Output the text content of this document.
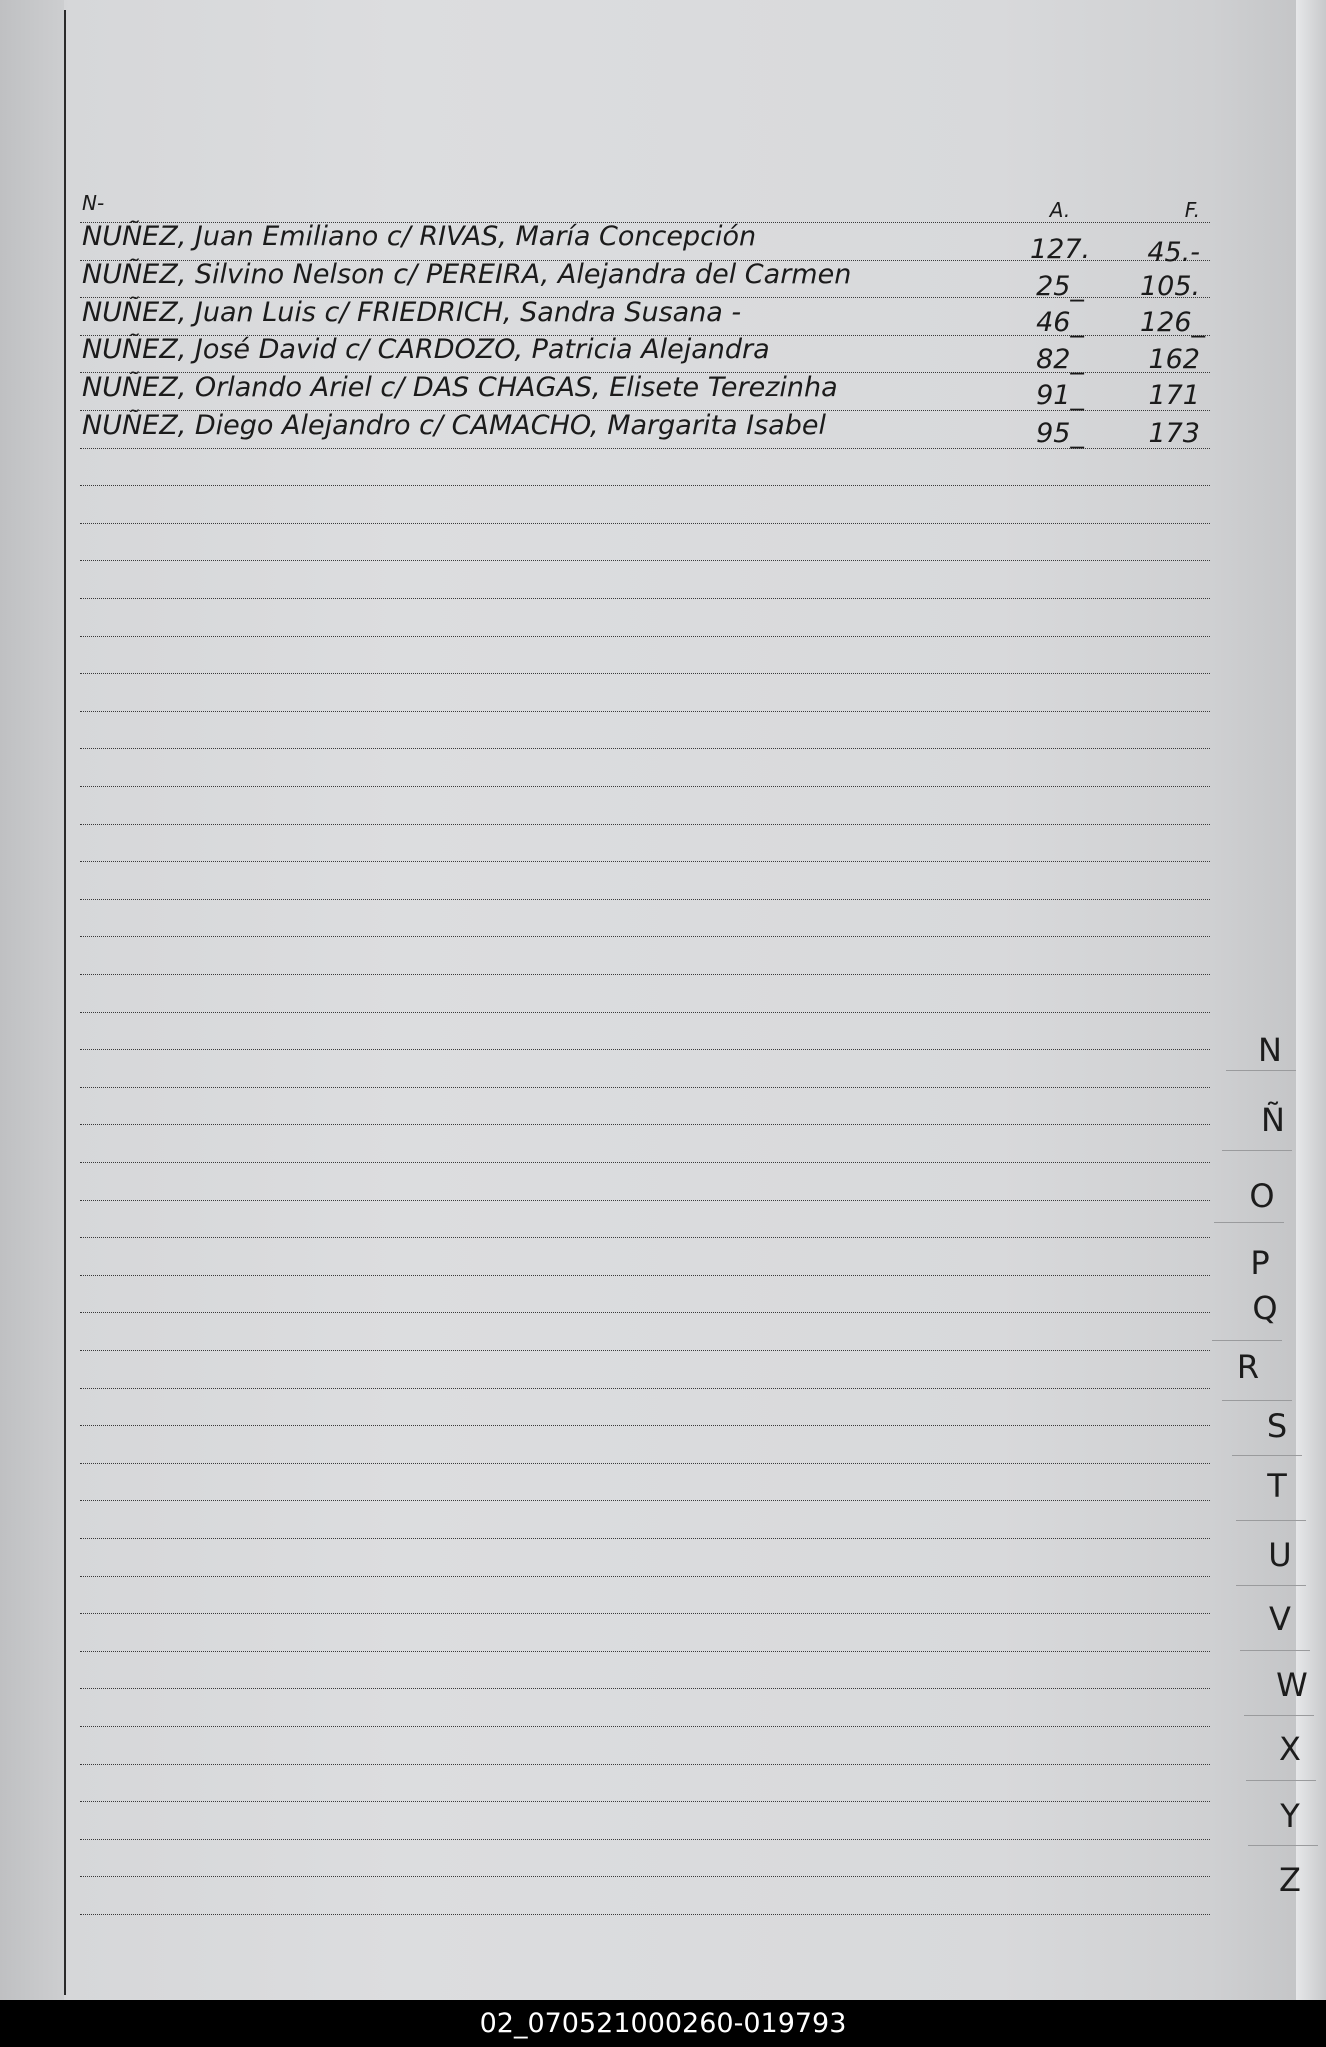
N-	A.	F.
NUÑEZ, Juan Emiliano c/ RIVAS, María Concepción	127. 45.-
NUÑEZ, Silvino Nelson c/ PEREIRA, Alejandra del Carmen	25_ 105.
NUÑEZ, Juan Luis c/ FRIEDRICH, Sandra Susana -	46_ 126_
NUÑEZ, José David c/ CARDOZO, Patricia Alejandra	82_	162
NUÑEZ, Orlando Ariel c/ DAS CHAGAS, Elisete Terezinha	91_	171
NUÑEZ, Diego Alejandro c/ CAMACHO, Margarita Isabel	95_	173
N
Ñ
O
P
Q
R
S
T
U
V
W
X
Y
Z
02_070521000260-019793
